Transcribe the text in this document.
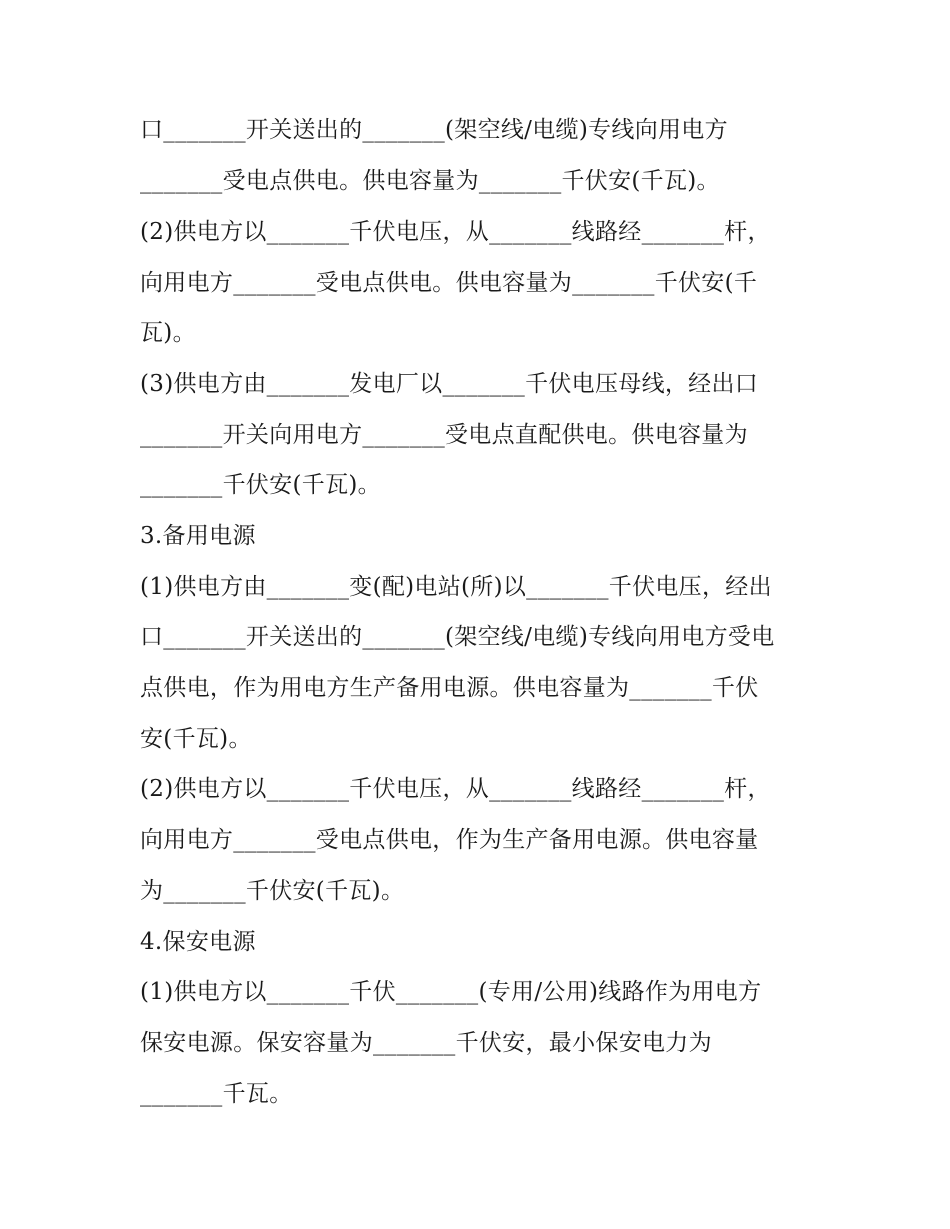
口_______开关送出的_______(架空线/电缆)专线向用电方
_______受电点供电。供电容量为_______千伏安(千瓦)。
(2)供电方以_______千伏电压，从_______线路经_______杆，
向用电方_______受电点供电。供电容量为_______千伏安(千
瓦)。
(3)供电方由_______发电厂以_______千伏电压母线，经出口
_______开关向用电方_______受电点直配供电。供电容量为
_______千伏安(千瓦)。
3.备用电源
(1)供电方由_______变(配)电站(所)以_______千伏电压，经出
口_______开关送出的_______(架空线/电缆)专线向用电方受电
点供电，作为用电方生产备用电源。供电容量为_______千伏
安(千瓦)。
(2)供电方以_______千伏电压，从_______线路经_______杆，
向用电方_______受电点供电，作为生产备用电源。供电容量
为_______千伏安(千瓦)。
4.保安电源
(1)供电方以_______千伏_______(专用/公用)线路作为用电方
保安电源。保安容量为_______千伏安，最小保安电力为
_______千瓦。
